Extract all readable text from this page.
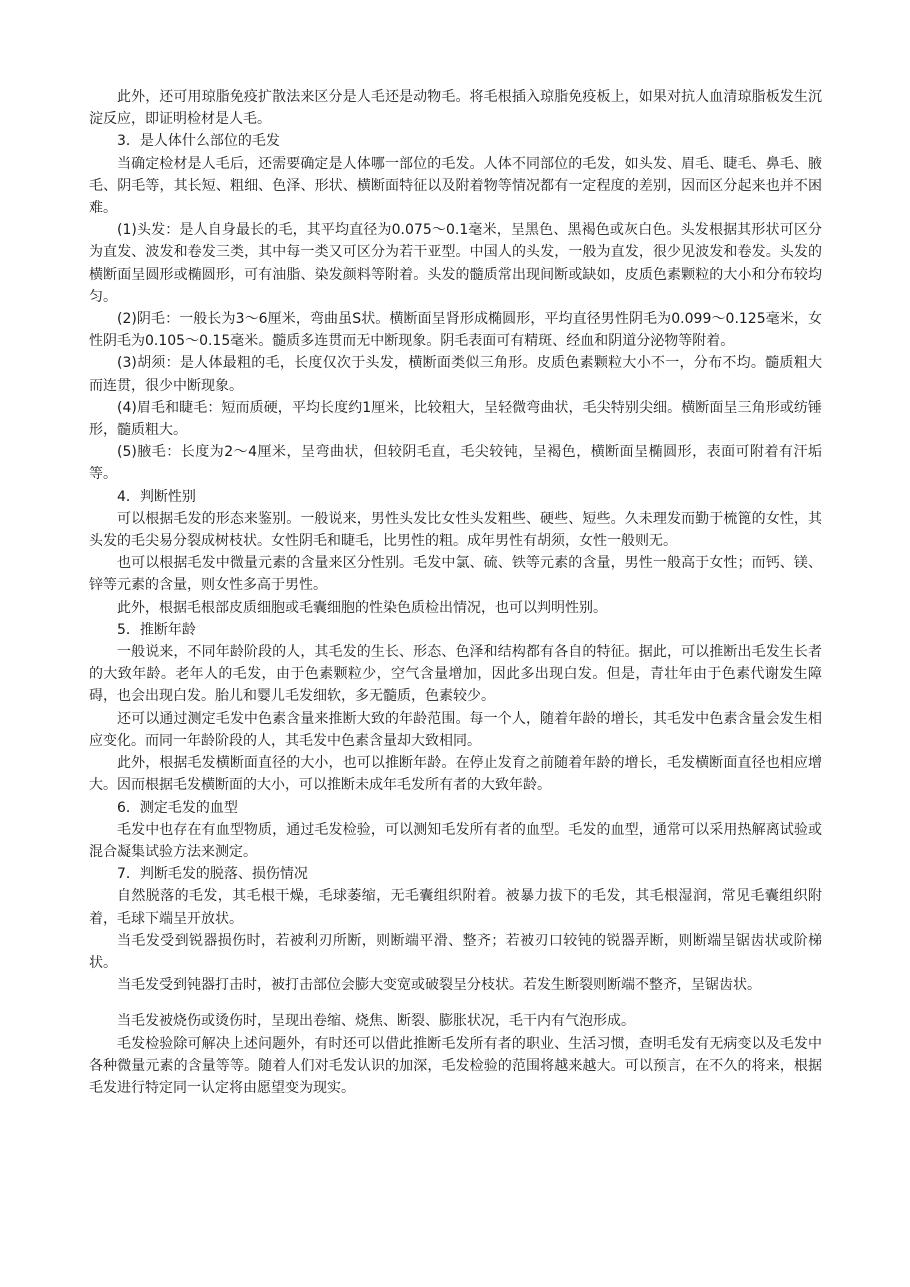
此外，还可用琼脂免疫扩散法来区分是人毛还是动物毛。将毛根插入琼脂免疫板上，如果对抗人血清琼脂板发生沉淀反应，即证明检材是人毛。

3．是人体什么部位的毛发

当确定检材是人毛后，还需要确定是人体哪一部位的毛发。人体不同部位的毛发，如头发、眉毛、睫毛、鼻毛、腋毛、阴毛等，其长短、粗细、色泽、形状、横断面特征以及附着物等情况都有一定程度的差别，因而区分起来也并不困难。

(1)头发：是人自身最长的毛，其平均直径为0.075～0.1毫米，呈黑色、黑褐色或灰白色。头发根据其形状可区分为直发、波发和卷发三类，其中每一类又可区分为若干亚型。中国人的头发，一般为直发，很少见波发和卷发。头发的横断面呈圆形或椭圆形，可有油脂、染发颜料等附着。头发的髓质常出现间断或缺如，皮质色素颗粒的大小和分布较均匀。

(2)阴毛：一般长为3～6厘米，弯曲虽S状。横断面呈肾形成椭圆形，平均直径男性阴毛为0.099～0.125毫米，女性阴毛为0.105～0.15毫米。髓质多连贯而无中断现象。阴毛表面可有精斑、经血和阴道分泌物等附着。

(3)胡须：是人体最粗的毛，长度仅次于头发，横断面类似三角形。皮质色素颗粒大小不一，分布不均。髓质粗大而连贯，很少中断现象。

(4)眉毛和睫毛：短而质硬，平均长度约1厘米，比较粗大，呈轻微弯曲状，毛尖特别尖细。横断面呈三角形或纺锤形，髓质粗大。

(5)腋毛：长度为2～4厘米，呈弯曲状，但较阴毛直，毛尖较钝，呈褐色，横断面呈椭圆形，表面可附着有汗垢等。

4．判断性别

可以根据毛发的形态来鉴别。一般说来，男性头发比女性头发粗些、硬些、短些。久未理发而勤于梳篦的女性，其头发的毛尖易分裂成树枝状。女性阴毛和睫毛，比男性的粗。成年男性有胡须，女性一般则无。

也可以根据毛发中微量元素的含量来区分性别。毛发中氯、硫、铁等元素的含量，男性一般高于女性；而钙、镁、锌等元素的含量，则女性多高于男性。

此外，根据毛根部皮质细胞或毛囊细胞的性染色质检出情况，也可以判明性别。

5．推断年龄

一般说来，不同年龄阶段的人，其毛发的生长、形态、色泽和结构都有各自的特征。据此，可以推断出毛发生长者的大致年龄。老年人的毛发，由于色素颗粒少，空气含量增加，因此多出现白发。但是，青壮年由于色素代谢发生障碍，也会出现白发。胎儿和婴儿毛发细软，多无髓质，色素较少。

还可以通过测定毛发中色素含量来推断大致的年龄范围。每一个人，随着年龄的增长，其毛发中色素含量会发生相应变化。而同一年龄阶段的人，其毛发中色素含量却大致相同。

此外，根据毛发横断面直径的大小，也可以推断年龄。在停止发育之前随着年龄的增长，毛发横断面直径也相应增大。因而根据毛发横断面的大小，可以推断未成年毛发所有者的大致年龄。

6．测定毛发的血型

毛发中也存在有血型物质，通过毛发检验，可以测知毛发所有者的血型。毛发的血型，通常可以采用热解离试验或混合凝集试验方法来测定。

7．判断毛发的脱落、损伤情况

自然脱落的毛发，其毛根干燥，毛球萎缩，无毛囊组织附着。被暴力拔下的毛发，其毛根湿润，常见毛囊组织附着，毛球下端呈开放状。

当毛发受到锐器损伤时，若被利刃所断，则断端平滑、整齐；若被刃口较钝的锐器弄断，则断端呈锯齿状或阶梯状。

当毛发受到钝器打击时，被打击部位会膨大变宽或破裂呈分枝状。若发生断裂则断端不整齐，呈锯齿状。

当毛发被烧伤或烫伤时，呈现出卷缩、烧焦、断裂、膨胀状况，毛干内有气泡形成。

毛发检验除可解决上述问题外，有时还可以借此推断毛发所有者的职业、生活习惯，查明毛发有无病变以及毛发中各种微量元素的含量等等。随着人们对毛发认识的加深，毛发检验的范围将越来越大。可以预言，在不久的将来，根据毛发进行特定同一认定将由愿望变为现实。
